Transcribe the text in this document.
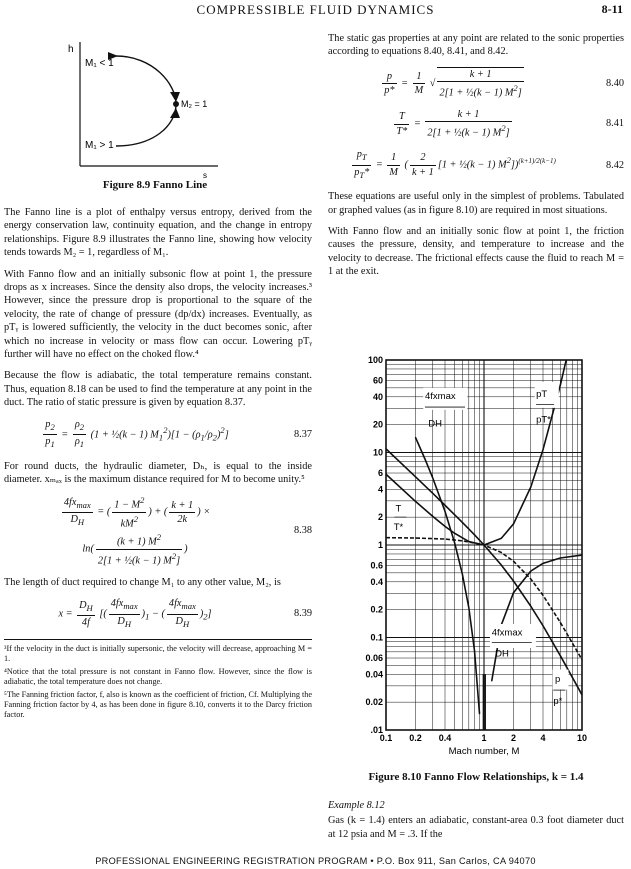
COMPRESSIBLE FLUID DYNAMICS	8-11
h
M₁ < 1
M₁ > 1
M₂ = 1
s
Figure 8.9 Fanno Line

The Fanno line is a plot of enthalpy versus entropy, derived from the energy conservation law, continuity equation, and the change in entropy relationships. Figure 8.9 illustrates the Fanno line, showing how velocity tends towards M₂ = 1, regardless of M₁.

With Fanno flow and an initially subsonic flow at point 1, the pressure drops as x increases. Since the density also drops, the velocity increases.³ However, since the pressure drop is proportional to the square of the velocity, the rate of change of pressure (dp/dx) increases. Eventually, as pTᵧ is lowered sufficiently, the velocity in the duct becomes sonic, after which no increase in velocity or mass flow can occur. Lowering pTᵧ further will have no effect on the choked flow.⁴

Because the flow is adiabatic, the total temperature remains constant. Thus, equation 8.18 can be used to find the temperature at any point in the duct. The ratio of static pressure is given by equation 8.37.

$\frac{p_2}{p_1} = \frac{\rho_2}{\rho_1} (1$ + ½(k − 1) $M_1^2)[1 - (\rho_1/\rho_2)^2]$	8.37

For round ducts, the hydraulic diameter, Dₕ, is equal to the inside diameter. xₘₐₓ is the maximum distance required for M to become unity.⁵

$\frac{4fx_{max}}{D_H}$ = ( $\frac{1 - M^2}{kM^2}$ ) + ( $\frac{k + 1}{2k}$ ) ×
$\ln( \frac{(k + 1) M^2}{2[1 + \frac{1}{2}(k - 1) M^2]}$ )
8.38

The length of duct required to change M₁ to any other value, M₂, is

$x = \frac{D_H}{4f}$ [( $\frac{4fx_{max}}{D_H} )_1$ − ( $\frac{4fx_{max}}{D_H} )_2$]	8.39

³If the velocity in the duct is initially supersonic, the velocity will decrease, approaching M = 1.

⁴Notice that the total pressure is not constant in Fanno flow. However, since the flow is adiabatic, the total temperature does not change.

⁵The Fanning friction factor, f, also is known as the coefficient of friction, Cf. Multiplying the Fanning friction factor by 4, as has been done in figure 8.10, converts it to the Darcy friction factor.

The static gas properties at any point are related to the sonic properties according to equations 8.40, 8.41, and 8.42.

$\frac{p}{p*} = \frac{1}{M}$ √ $\frac{k + 1}{2[1 + \frac{1}{2}(k - 1) M^2]}$	8.40
$\frac{T}{T*} = \frac{k + 1}{2[1 + \frac{1}{2}(k - 1) M^2]}$	8.41
$\frac{p_T}{p_T*} = \frac{1}{M}$ ( $\frac{2}{k + 1} [1$ + ½(k − 1) $M^2])^{(k+1)/2(k-1)}$	8.42

These equations are useful only in the simplest of problems. Tabulated or graphed values (as in figure 8.10) are required in most situations.

With Fanno flow and an initially sonic flow at point 1, the friction causes the pressure, density, and temperature to increase and the velocity to decrease. The frictional effects cause the fluid to reach M = 1 at the exit.

0.1 0.2 0.4	1	2	4	10
.01
0.02
0.04
0.06
0.1
0.2
0.4
0.6
1
2
4
6
10
20
40
60
100
Mach number, M
4fxmax
DH
pT
pT*
T
T*
4fxmax
DH
p
p*
Figure 8.10 Fanno Flow Relationships, k = 1.4
Example 8.12

Gas (k = 1.4) enters an adiabatic, constant-area 0.3 foot diameter duct at 12 psia and M = .3. If the

PROFESSIONAL ENGINEERING REGISTRATION PROGRAM • P.O. Box 911, San Carlos, CA 94070
